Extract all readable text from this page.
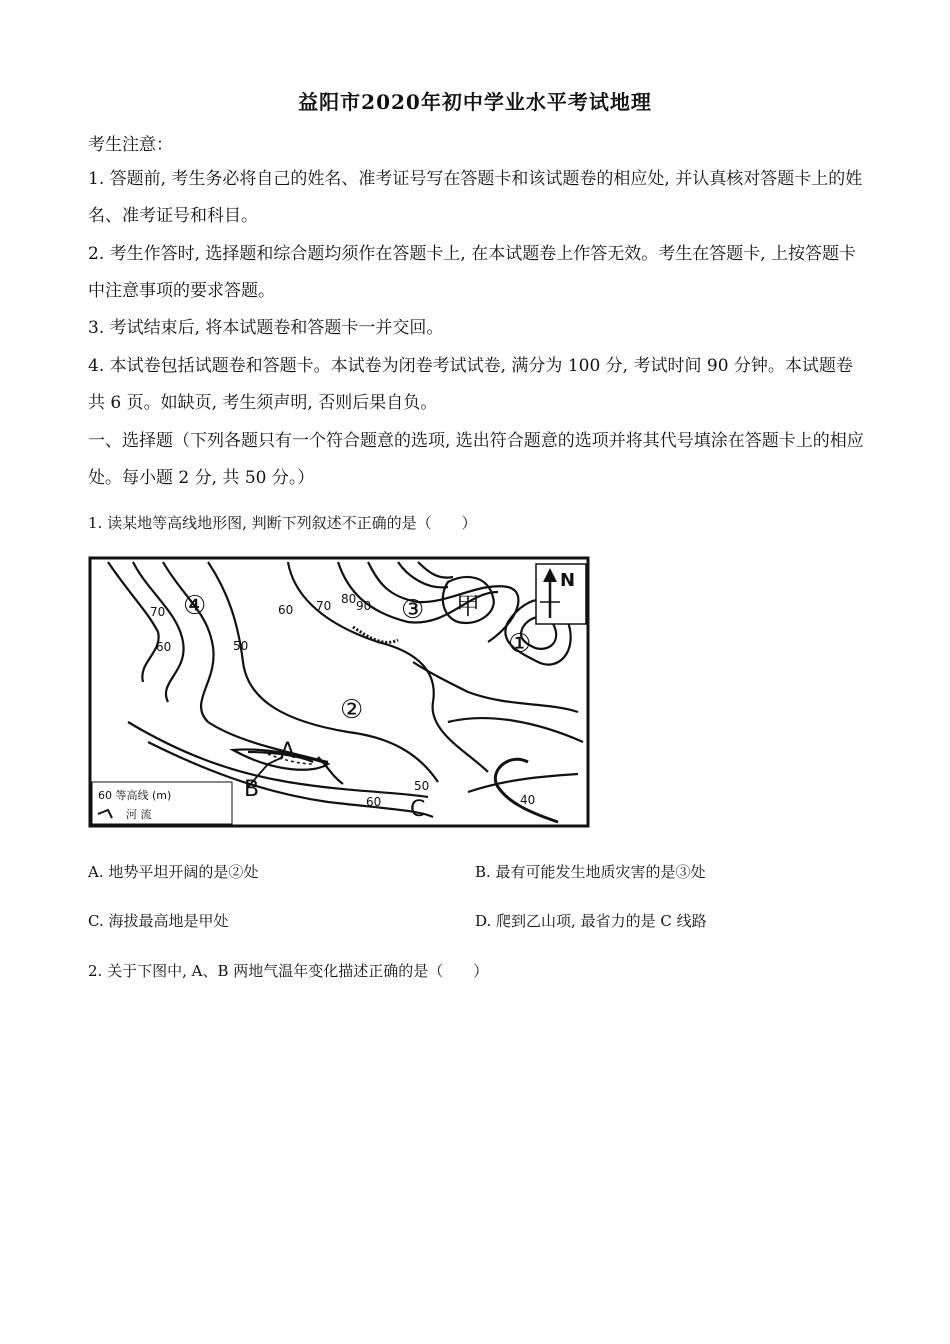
益阳市2020年初中学业水平考试地理
考生注意：
1. 答题前, 考生务必将自己的姓名、准考证号写在答题卡和该试题卷的相应处, 并认真核对答题卡上的姓名、准考证号和科目。
2. 考生作答时, 选择题和综合题均须作在答题卡上, 在本试题卷上作答无效。考生在答题卡, 上按答题卡中注意事项的要求答题。
3. 考试结束后, 将本试题卷和答题卡一并交回。
4. 本试卷包括试题卷和答题卡。本试卷为闭卷考试试卷, 满分为 100 分, 考试时间 90 分钟。本试题卷共 6 页。如缺页, 考生须声明, 否则后果自负。
一、选择题（下列各题只有一个符合题意的选项, 选出符合题意的选项并将其代号填涂在答题卡上的相应处。每小题 2 分, 共 50 分。）
1. 读某地等高线地形图, 判断下列叙述不正确的是（　　）
70
60	50
60 70 80 90
50
60	40
①
②
③
④	甲
A
B
C
N
60 等高线 (m)
河 流
A. 地势平坦开阔的是②处	B. 最有可能发生地质灾害的是③处
C. 海拔最高地是甲处	D. 爬到乙山项, 最省力的是 C 线路
2. 关于下图中, A、B 两地气温年变化描述正确的是（　　）
